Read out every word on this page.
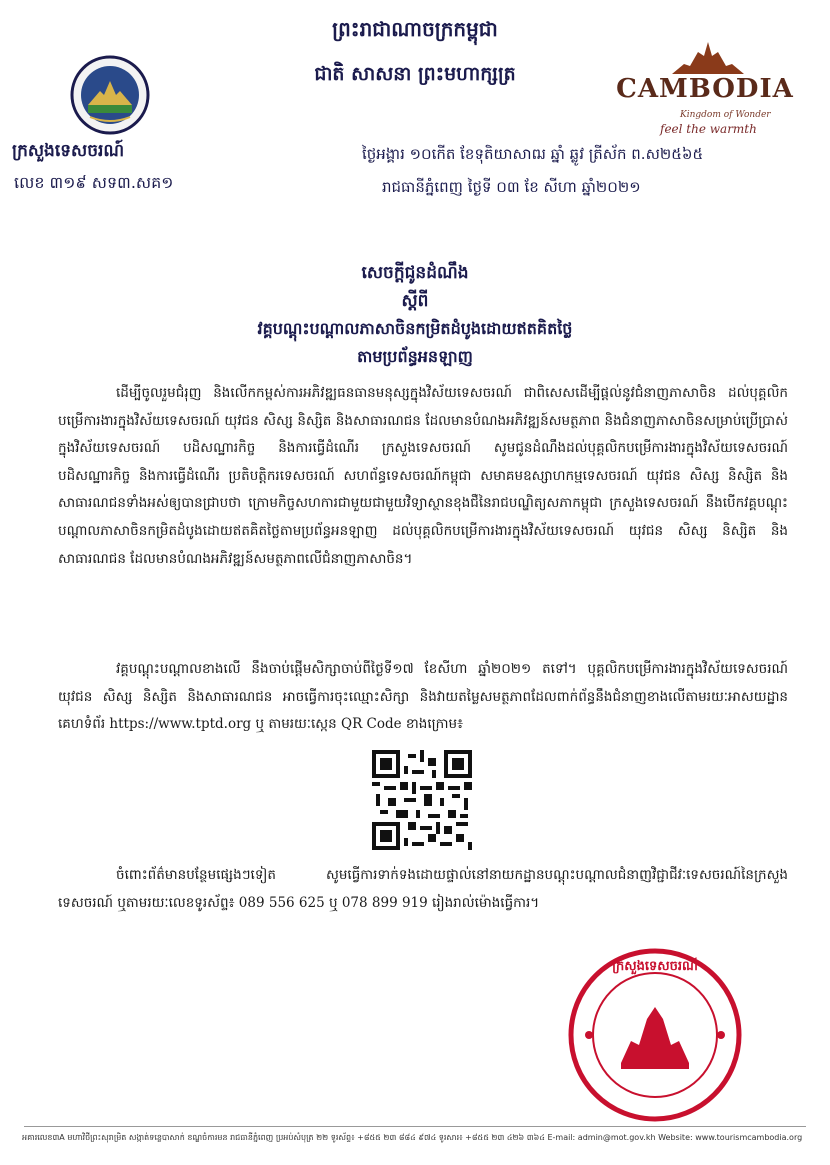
ព្រះរាជាណាចក្រកម្ពុជា
ជាតិ សាសនា ព្រះមហាក្សត្រ	CAMBODIA
Kingdom of Wonder
feel the warmth
ក្រសួងទេសចរណ៍
លេខ ៣១៩ សទ៣.សគ១
ថ្ងៃអង្គារ ១០កើត ខែទុតិយាសាឍ ឆ្នាំ ឆ្លូវ ត្រីស័ក ព.ស២៥៦៥
រាជធានីភ្នំពេញ ថ្ងៃទី ០៣ ខែ សីហា ឆ្នាំ២០២១
សេចក្តីជូនដំណឹង
ស្តីពី
វគ្គបណ្តុះបណ្តាលភាសាចិនកម្រិតដំបូងដោយឥតគិតថ្លៃ
តាមប្រព័ន្ធអនឡាញ

ដើម្បីចូលរួមជំរុញ និងលើកកម្ពស់ការអភិវឌ្ឍធនធានមនុស្សក្នុងវិស័យទេសចរណ៍ ជាពិសេសដើម្បីផ្តល់នូវជំនាញភាសាចិន ដល់បុគ្គលិកបម្រើការងារក្នុងវិស័យទេសចរណ៍ យុវជន សិស្ស និស្សិត និងសាធារណជន ដែលមានបំណងអភិវឌ្ឍន៍សមត្ថភាព និងជំនាញភាសាចិនសម្រាប់ប្រើប្រាស់ក្នុងវិស័យទេសចរណ៍ បដិសណ្ឋារកិច្ច និងការធ្វើដំណើរ ក្រសួងទេសចរណ៍ សូមជូនដំណឹងដល់បុគ្គលិកបម្រើការងារក្នុងវិស័យទេសចរណ៍ បដិសណ្ឋារកិច្ច និងការធ្វើដំណើរ ប្រតិបត្តិករទេសចរណ៍ សហព័ន្ធទេសចរណ៍កម្ពុជា សមាគមឧស្សាហកម្មទេសចរណ៍ យុវជន សិស្ស និស្សិត និងសាធារណជនទាំងអស់ឲ្យបានជ្រាបថា ក្រោមកិច្ចសហការជាមួយជាមួយវិទ្យាស្ថានខុងជឺនៃរាជបណ្ឌិត្យសភាកម្ពុជា ក្រសួងទេសចរណ៍ នឹងបើកវគ្គបណ្តុះបណ្តាលភាសាចិនកម្រិតដំបូងដោយឥតគិតថ្លៃតាមប្រព័ន្ធអនឡាញ ដល់បុគ្គលិកបម្រើការងារក្នុងវិស័យទេសចរណ៍ យុវជន សិស្ស និស្សិត និងសាធារណជន ដែលមានបំណងអភិវឌ្ឍន៍សមត្ថភាពលើជំនាញភាសាចិន។

វគ្គបណ្តុះបណ្តាលខាងលើ នឹងចាប់ផ្តើមសិក្សាចាប់ពីថ្ងៃទី១៧ ខែសីហា ឆ្នាំ២០២១ តទៅ។ បុគ្គលិកបម្រើការងារក្នុងវិស័យទេសចរណ៍ យុវជន សិស្ស និស្សិត និងសាធារណជន អាចធ្វើការចុះឈ្មោះសិក្សា និងវាយតម្លៃសមត្ថភាពដែលពាក់ព័ន្ធនឹងជំនាញខាងលើតាមរយៈអាសយដ្ឋានគេហទំព័រ https://www.tptd.org ឬ តាមរយៈស្កេន QR Code ខាងក្រោម៖

ចំពោះព័ត៌មានបន្ថែមផ្សេងៗទៀត សូមធ្វើការទាក់ទងដោយផ្ទាល់នៅនាយកដ្ឋានបណ្តុះបណ្តាលជំនាញវិជ្ជាជីវៈទេសចរណ៍នៃក្រសួងទេសចរណ៍ ឬតាមរយៈលេខទូរស័ព្ទ៖ 089 556 625 ឬ 078 899 919 រៀងរាល់ម៉ោងធ្វើការ។

ក្រសួងទេសចរណ៍
អគារលេខ៣A មហាវិថីព្រះសុរាម្រិត សង្កាត់ទន្លេបាសាក់ ខណ្ឌចំការមន រាជធានីភ្នំពេញ ប្រអប់សំបុត្រ ២២ ទូរស័ព្ទ៖ +៨៥៥ ២៣ ៨៨៤ ៩៧៤ ទូរសារ៖ +៨៥៥ ២៣ ៤២៦ ៣៦៤ E-mail: admin@mot.gov.kh Website: www.tourismcambodia.org
